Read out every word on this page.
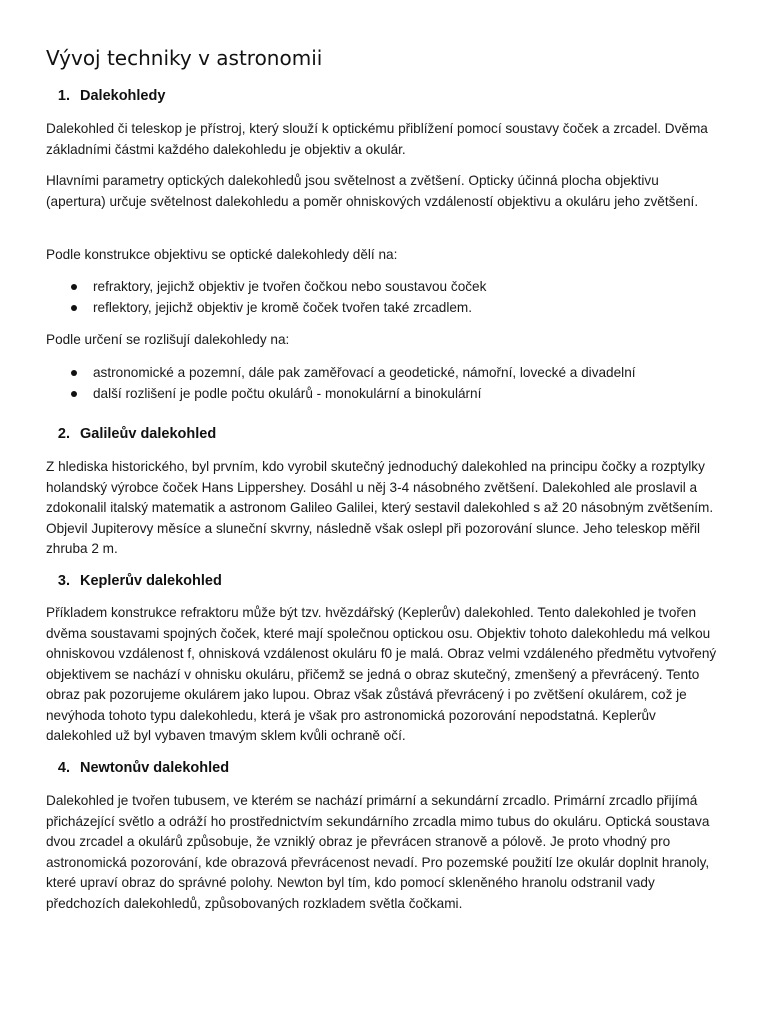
Vývoj techniky v astronomii
1. Dalekohledy

Dalekohled či teleskop je přístroj, který slouží k optickému přiblížení pomocí soustavy čoček a zrcadel. Dvěma základními částmi každého dalekohledu je objektiv a okulár.

Hlavními parametry optických dalekohledů jsou světelnost a zvětšení. Opticky účinná plocha objektivu (apertura) určuje světelnost dalekohledu a poměr ohniskových vzdáleností objektivu a okuláru jeho zvětšení.

Podle konstrukce objektivu se optické dalekohledy dělí na:

refraktory, jejichž objektiv je tvořen čočkou nebo soustavou čoček
reflektory, jejichž objektiv je kromě čoček tvořen také zrcadlem.

Podle určení se rozlišují dalekohledy na:

astronomické a pozemní, dále pak zaměřovací a geodetické, námořní, lovecké a divadelní
další rozlišení je podle počtu okulárů - monokulární a binokulární
2. Galileův dalekohled

Z hlediska historického, byl prvním, kdo vyrobil skutečný jednoduchý dalekohled na principu čočky a rozptylky holandský výrobce čoček Hans Lippershey. Dosáhl u něj 3-4 násobného zvětšení. Dalekohled ale proslavil a zdokonalil italský matematik a astronom Galileo Galilei, který sestavil dalekohled s až 20 násobným zvětšením. Objevil Jupiterovy měsíce a sluneční skvrny, následně však oslepl při pozorování slunce. Jeho teleskop měřil zhruba 2 m.

3. Keplerův dalekohled

Příkladem konstrukce refraktoru může být tzv. hvězdářský (Keplerův) dalekohled. Tento dalekohled je tvořen dvěma soustavami spojných čoček, které mají společnou optickou osu. Objektiv tohoto dalekohledu má velkou ohniskovou vzdálenost f, ohnisková vzdálenost okuláru f0 je malá. Obraz velmi vzdáleného předmětu vytvořený objektivem se nachází v ohnisku okuláru, přičemž se jedná o obraz skutečný, zmenšený a převrácený. Tento obraz pak pozorujeme okulárem jako lupou. Obraz však zůstává převrácený i po zvětšení okulárem, což je nevýhoda tohoto typu dalekohledu, která je však pro astronomická pozorování nepodstatná. Keplerův dalekohled už byl vybaven tmavým sklem kvůli ochraně očí.

4. Newtonův dalekohled

Dalekohled je tvořen tubusem, ve kterém se nachází primární a sekundární zrcadlo. Primární zrcadlo přijímá přicházející světlo a odráží ho prostřednictvím sekundárního zrcadla mimo tubus do okuláru. Optická soustava dvou zrcadel a okulárů způsobuje, že vzniklý obraz je převrácen stranově a pólově. Je proto vhodný pro astronomická pozorování, kde obrazová převrácenost nevadí. Pro pozemské použití lze okulár doplnit hranoly, které upraví obraz do správné polohy. Newton byl tím, kdo pomocí skleněného hranolu odstranil vady předchozích dalekohledů, způsobovaných rozkladem světla čočkami.
